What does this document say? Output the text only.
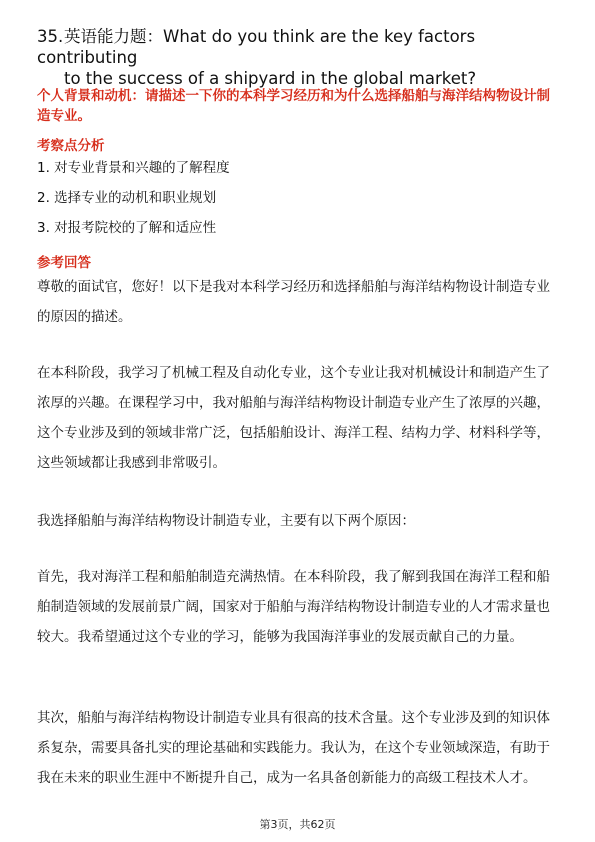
35.英语能力题：What do you think are the key factors contributing
to the success of a shipyard in the global market?
个人背景和动机：请描述一下你的本科学习经历和为什么选择船舶与海洋结构物设计制造专业。
考察点分析
1. 对专业背景和兴趣的了解程度
2. 选择专业的动机和职业规划
3. 对报考院校的了解和适应性
参考回答
尊敬的面试官，您好！以下是我对本科学习经历和选择船舶与海洋结构物设计制造专业的原因的描述。
在本科阶段，我学习了机械工程及自动化专业，这个专业让我对机械设计和制造产生了浓厚的兴趣。在课程学习中，我对船舶与海洋结构物设计制造专业产生了浓厚的兴趣，这个专业涉及到的领域非常广泛，包括船舶设计、海洋工程、结构力学、材料科学等，这些领域都让我感到非常吸引。
我选择船舶与海洋结构物设计制造专业，主要有以下两个原因：
首先，我对海洋工程和船舶制造充满热情。在本科阶段，我了解到我国在海洋工程和船舶制造领域的发展前景广阔，国家对于船舶与海洋结构物设计制造专业的人才需求量也较大。我希望通过这个专业的学习，能够为我国海洋事业的发展贡献自己的力量。
其次，船舶与海洋结构物设计制造专业具有很高的技术含量。这个专业涉及到的知识体系复杂，需要具备扎实的理论基础和实践能力。我认为，在这个专业领域深造，有助于我在未来的职业生涯中不断提升自己，成为一名具备创新能力的高级工程技术人才。
第3页，共62页
